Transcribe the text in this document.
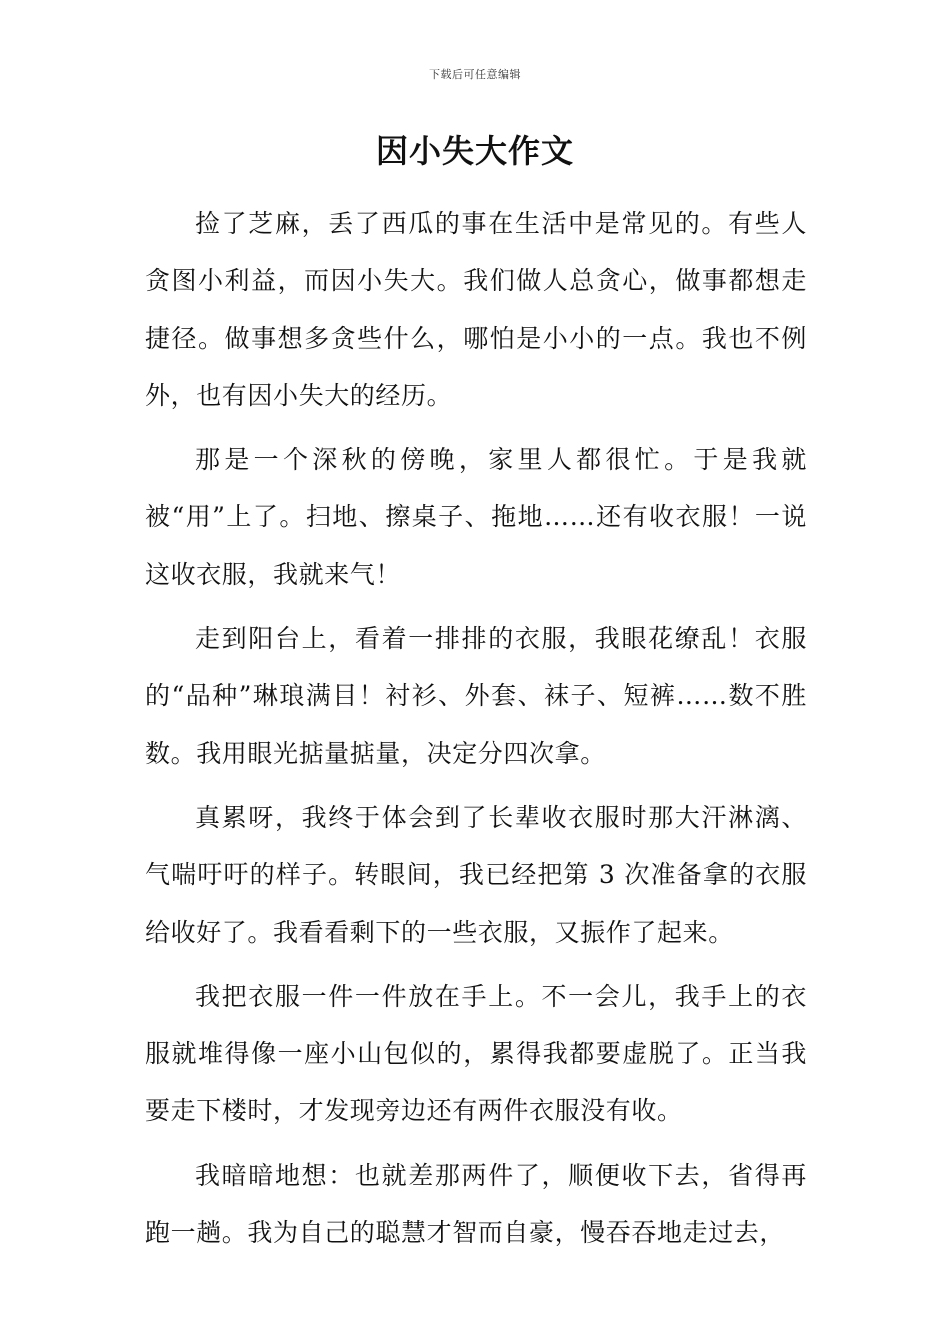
下载后可任意编辑
因小失大作文

捡了芝麻，丢了西瓜的事在生活中是常见的。有些人贪图小利益，而因小失大。我们做人总贪心，做事都想走捷径。做事想多贪些什么，哪怕是小小的一点。我也不例外，也有因小失大的经历。

那是一个深秋的傍晚，家里人都很忙。于是我就被“用”上了。扫地、擦桌子、拖地……还有收衣服！一说这收衣服，我就来气！

走到阳台上，看着一排排的衣服，我眼花缭乱！衣服的“品种”琳琅满目！衬衫、外套、袜子、短裤……数不胜数。我用眼光掂量掂量，决定分四次拿。

真累呀，我终于体会到了长辈收衣服时那大汗淋漓、气喘吁吁的样子。转眼间，我已经把第 3 次准备拿的衣服给收好了。我看看剩下的一些衣服，又振作了起来。

我把衣服一件一件放在手上。不一会儿，我手上的衣服就堆得像一座小山包似的，累得我都要虚脱了。正当我要走下楼时，才发现旁边还有两件衣服没有收。

我暗暗地想：也就差那两件了，顺便收下去，省得再跑一趟。我为自己的聪慧才智而自豪，慢吞吞地走过去，
